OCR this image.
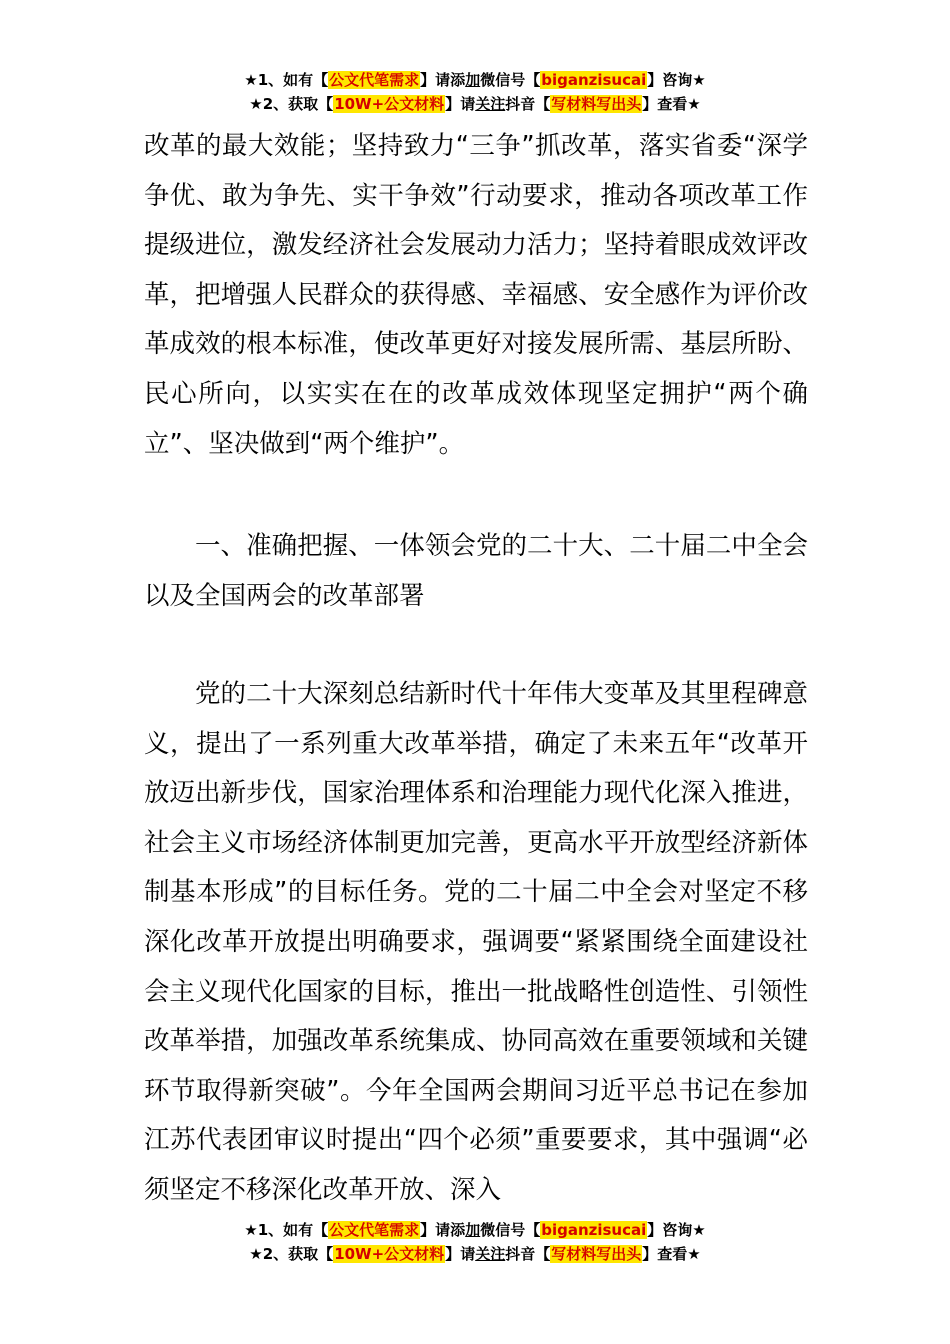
★1、如有【公文代笔需求】请添加微信号【biganzisucai】咨询★
★2、获取【10W+公文材料】请关注抖音【写材料写出头】查看★

改革的最大效能；坚持致力“三争”抓改革，落实省委“深学争优、敢为争先、实干争效”行动要求，推动各项改革工作提级进位，激发经济社会发展动力活力；坚持着眼成效评改革，把增强人民群众的获得感、幸福感、安全感作为评价改革成效的根本标准，使改革更好对接发展所需、基层所盼、民心所向，以实实在在的改革成效体现坚定拥护“两个确立”、坚决做到“两个维护”。

一、准确把握、一体领会党的二十大、二十届二中全会以及全国两会的改革部署

党的二十大深刻总结新时代十年伟大变革及其里程碑意义，提出了一系列重大改革举措，确定了未来五年“改革开放迈出新步伐，国家治理体系和治理能力现代化深入推进，社会主义市场经济体制更加完善，更高水平开放型经济新体制基本形成”的目标任务。党的二十届二中全会对坚定不移深化改革开放提出明确要求，强调要“紧紧围绕全面建设社会主义现代化国家的目标，推出一批战略性创造性、引领性改革举措，加强改革系统集成、协同高效在重要领域和关键环节取得新突破”。今年全国两会期间习近平总书记在参加江苏代表团审议时提出“四个必须”重要要求，其中强调“必须坚定不移深化改革开放、深入

★1、如有【公文代笔需求】请添加微信号【biganzisucai】咨询★
★2、获取【10W+公文材料】请关注抖音【写材料写出头】查看★
